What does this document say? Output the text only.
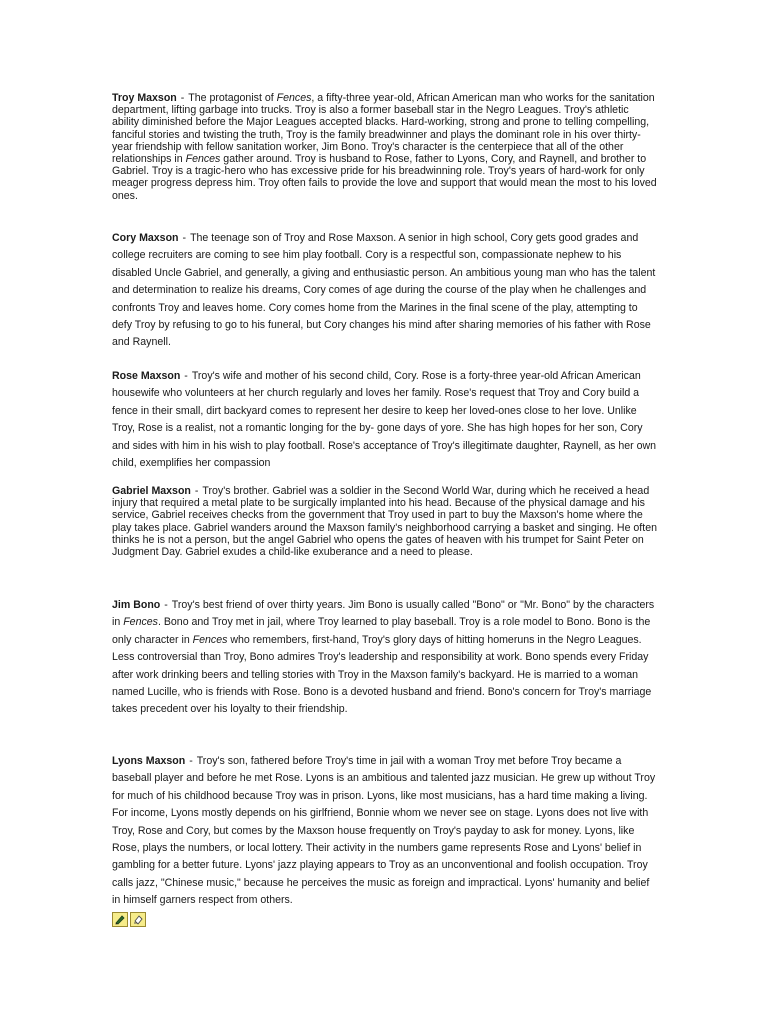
Troy Maxson - The protagonist of Fences, a fifty-three year-old, African American man who works for the sanitation department, lifting garbage into trucks. Troy is also a former baseball star in the Negro Leagues. Troy's athletic ability diminished before the Major Leagues accepted blacks. Hard-working, strong and prone to telling compelling, fanciful stories and twisting the truth, Troy is the family breadwinner and plays the dominant role in his over thirty-year friendship with fellow sanitation worker, Jim Bono. Troy's character is the centerpiece that all of the other relationships in Fences gather around. Troy is husband to Rose, father to Lyons, Cory, and Raynell, and brother to Gabriel. Troy is a tragic-hero who has excessive pride for his breadwinning role. Troy's years of hard-work for only meager progress depress him. Troy often fails to provide the love and support that would mean the most to his loved ones.

Cory Maxson - The teenage son of Troy and Rose Maxson. A senior in high school, Cory gets good grades and college recruiters are coming to see him play football. Cory is a respectful son, compassionate nephew to his disabled Uncle Gabriel, and generally, a giving and enthusiastic person. An ambitious young man who has the talent and determination to realize his dreams, Cory comes of age during the course of the play when he challenges and confronts Troy and leaves home. Cory comes home from the Marines in the final scene of the play, attempting to defy Troy by refusing to go to his funeral, but Cory changes his mind after sharing memories of his father with Rose and Raynell.

Rose Maxson - Troy's wife and mother of his second child, Cory. Rose is a forty-three year-old African American housewife who volunteers at her church regularly and loves her family. Rose's request that Troy and Cory build a fence in their small, dirt backyard comes to represent her desire to keep her loved-ones close to her love. Unlike Troy, Rose is a realist, not a romantic longing for the by- gone days of yore. She has high hopes for her son, Cory and sides with him in his wish to play football. Rose's acceptance of Troy's illegitimate daughter, Raynell, as her own child, exemplifies her compassion

Gabriel Maxson - Troy's brother. Gabriel was a soldier in the Second World War, during which he received a head injury that required a metal plate to be surgically implanted into his head. Because of the physical damage and his service, Gabriel receives checks from the government that Troy used in part to buy the Maxson's home where the play takes place. Gabriel wanders around the Maxson family's neighborhood carrying a basket and singing. He often thinks he is not a person, but the angel Gabriel who opens the gates of heaven with his trumpet for Saint Peter on Judgment Day. Gabriel exudes a child-like exuberance and a need to please.

Jim Bono - Troy's best friend of over thirty years. Jim Bono is usually called "Bono" or "Mr. Bono" by the characters in Fences. Bono and Troy met in jail, where Troy learned to play baseball. Troy is a role model to Bono. Bono is the only character in Fences who remembers, first-hand, Troy's glory days of hitting homeruns in the Negro Leagues. Less controversial than Troy, Bono admires Troy's leadership and responsibility at work. Bono spends every Friday after work drinking beers and telling stories with Troy in the Maxson family's backyard. He is married to a woman named Lucille, who is friends with Rose. Bono is a devoted husband and friend. Bono's concern for Troy's marriage takes precedent over his loyalty to their friendship.

Lyons Maxson - Troy's son, fathered before Troy's time in jail with a woman Troy met before Troy became a baseball player and before he met Rose. Lyons is an ambitious and talented jazz musician. He grew up without Troy for much of his childhood because Troy was in prison. Lyons, like most musicians, has a hard time making a living. For income, Lyons mostly depends on his girlfriend, Bonnie whom we never see on stage. Lyons does not live with Troy, Rose and Cory, but comes by the Maxson house frequently on Troy's payday to ask for money. Lyons, like Rose, plays the numbers, or local lottery. Their activity in the numbers game represents Rose and Lyons' belief in gambling for a better future. Lyons' jazz playing appears to Troy as an unconventional and foolish occupation. Troy calls jazz, "Chinese music," because he perceives the music as foreign and impractical. Lyons' humanity and belief in himself garners respect from others.
